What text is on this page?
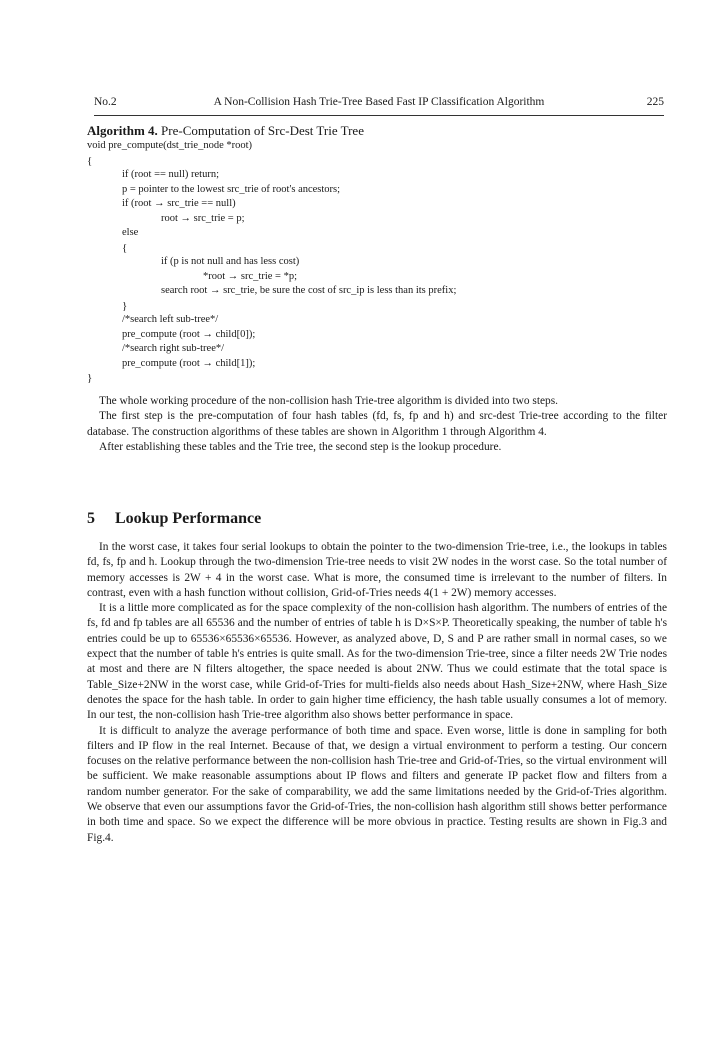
No.2	A Non-Collision Hash Trie-Tree Based Fast IP Classification Algorithm	225
Algorithm 4. Pre-Computation of Src-Dest Trie Tree
void pre_compute(dst_trie_node *root)
{
if (root == null) return;
p = pointer to the lowest src_trie of root's ancestors;
if (root → src_trie == null)
root → src_trie = p;
else
{
if (p is not null and has less cost)
*root → src_trie = *p;
search root → src_trie, be sure the cost of src_ip is less than its prefix;
}
/*search left sub-tree*/
pre_compute (root → child[0]);
/*search right sub-tree*/
pre_compute (root → child[1]);
}

The whole working procedure of the non-collision hash Trie-tree algorithm is divided into two steps.

The first step is the pre-computation of four hash tables (fd, fs, fp and h) and src-dest Trie-tree according to the filter database. The construction algorithms of these tables are shown in Algorithm 1 through Algorithm 4.

After establishing these tables and the Trie tree, the second step is the lookup procedure.

5 Lookup Performance

In the worst case, it takes four serial lookups to obtain the pointer to the two-dimension Trie-tree, i.e., the lookups in tables fd, fs, fp and h. Lookup through the two-dimension Trie-tree needs to visit 2W nodes in the worst case. So the total number of memory accesses is 2W + 4 in the worst case. What is more, the consumed time is irrelevant to the number of filters. In contrast, even with a hash function without collision, Grid-of-Tries needs 4(1 + 2W) memory accesses.

It is a little more complicated as for the space complexity of the non-collision hash algorithm. The numbers of entries of the fs, fd and fp tables are all 65536 and the number of entries of table h is D×S×P. Theoretically speaking, the number of table h's entries could be up to 65536×65536×65536. However, as analyzed above, D, S and P are rather small in normal cases, so we expect that the number of table h's entries is quite small. As for the two-dimension Trie-tree, since a filter needs 2W Trie nodes at most and there are N filters altogether, the space needed is about 2NW. Thus we could estimate that the total space is Table_Size+2NW in the worst case, while Grid-of-Tries for multi-fields also needs about Hash_Size+2NW, where Hash_Size denotes the space for the hash table. In order to gain higher time efficiency, the hash table usually consumes a lot of memory. In our test, the non-collision hash Trie-tree algorithm also shows better performance in space.

It is difficult to analyze the average performance of both time and space. Even worse, little is done in sampling for both filters and IP flow in the real Internet. Because of that, we design a virtual environment to perform a testing. Our concern focuses on the relative performance between the non-collision hash Trie-tree and Grid-of-Tries, so the virtual environment will be sufficient. We make reasonable assumptions about IP flows and filters and generate IP packet flow and filters from a random number generator. For the sake of comparability, we add the same limitations needed by the Grid-of-Tries algorithm. We observe that even our assumptions favor the Grid-of-Tries, the non-collision hash algorithm still shows better performance in both time and space. So we expect the difference will be more obvious in practice. Testing results are shown in Fig.3 and Fig.4.
